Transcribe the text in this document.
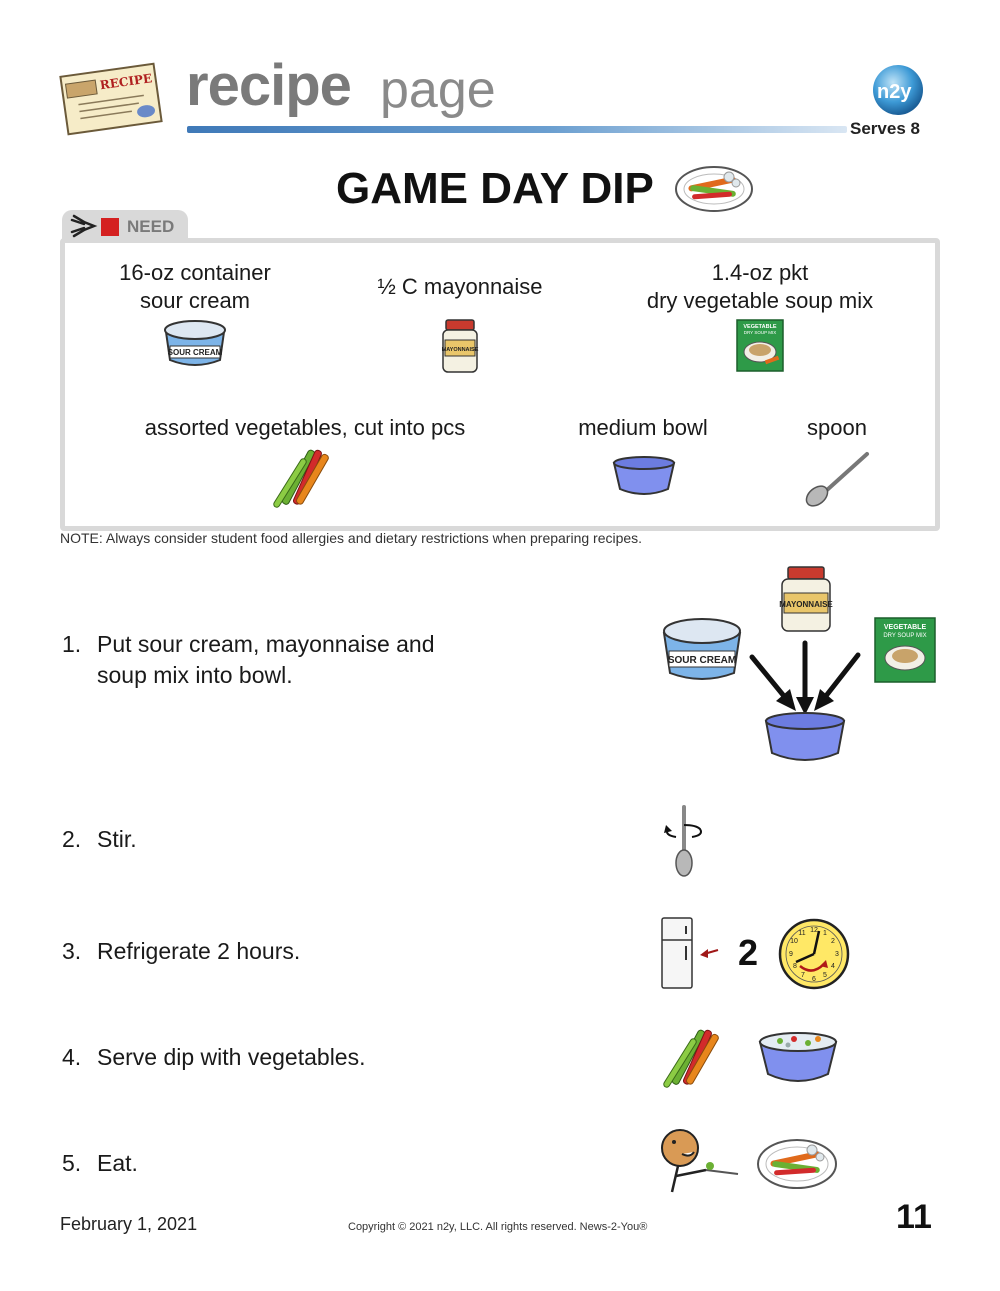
RECIPE recipe page	n2y
Serves 8
GAME DAY DIP
NEED
16-oz container
sour cream
SOUR CREAM
½ C mayonnaise
MAYONNAISE
1.4-oz pkt
dry vegetable soup mix
VEGETABLE
DRY SOUP MIX
assorted vegetables, cut into pcs	medium bowl	spoon
NOTE: Always consider student food allergies and dietary restrictions when preparing recipes.
1. Put sour cream, mayonnaise and
soup mix into bowl.
MAYONNAISE
SOUR CREAM
VEGETABLE
DRY SOUP MIX
2. Stir.
3. Refrigerate 2 hours.	2
12 1
2
3
4
5
6
7
8
9
10
11
4. Serve dip with vegetables.
5. Eat.
February 1, 2021	Copyright © 2021 n2y, LLC. All rights reserved. News-2-You®	11
